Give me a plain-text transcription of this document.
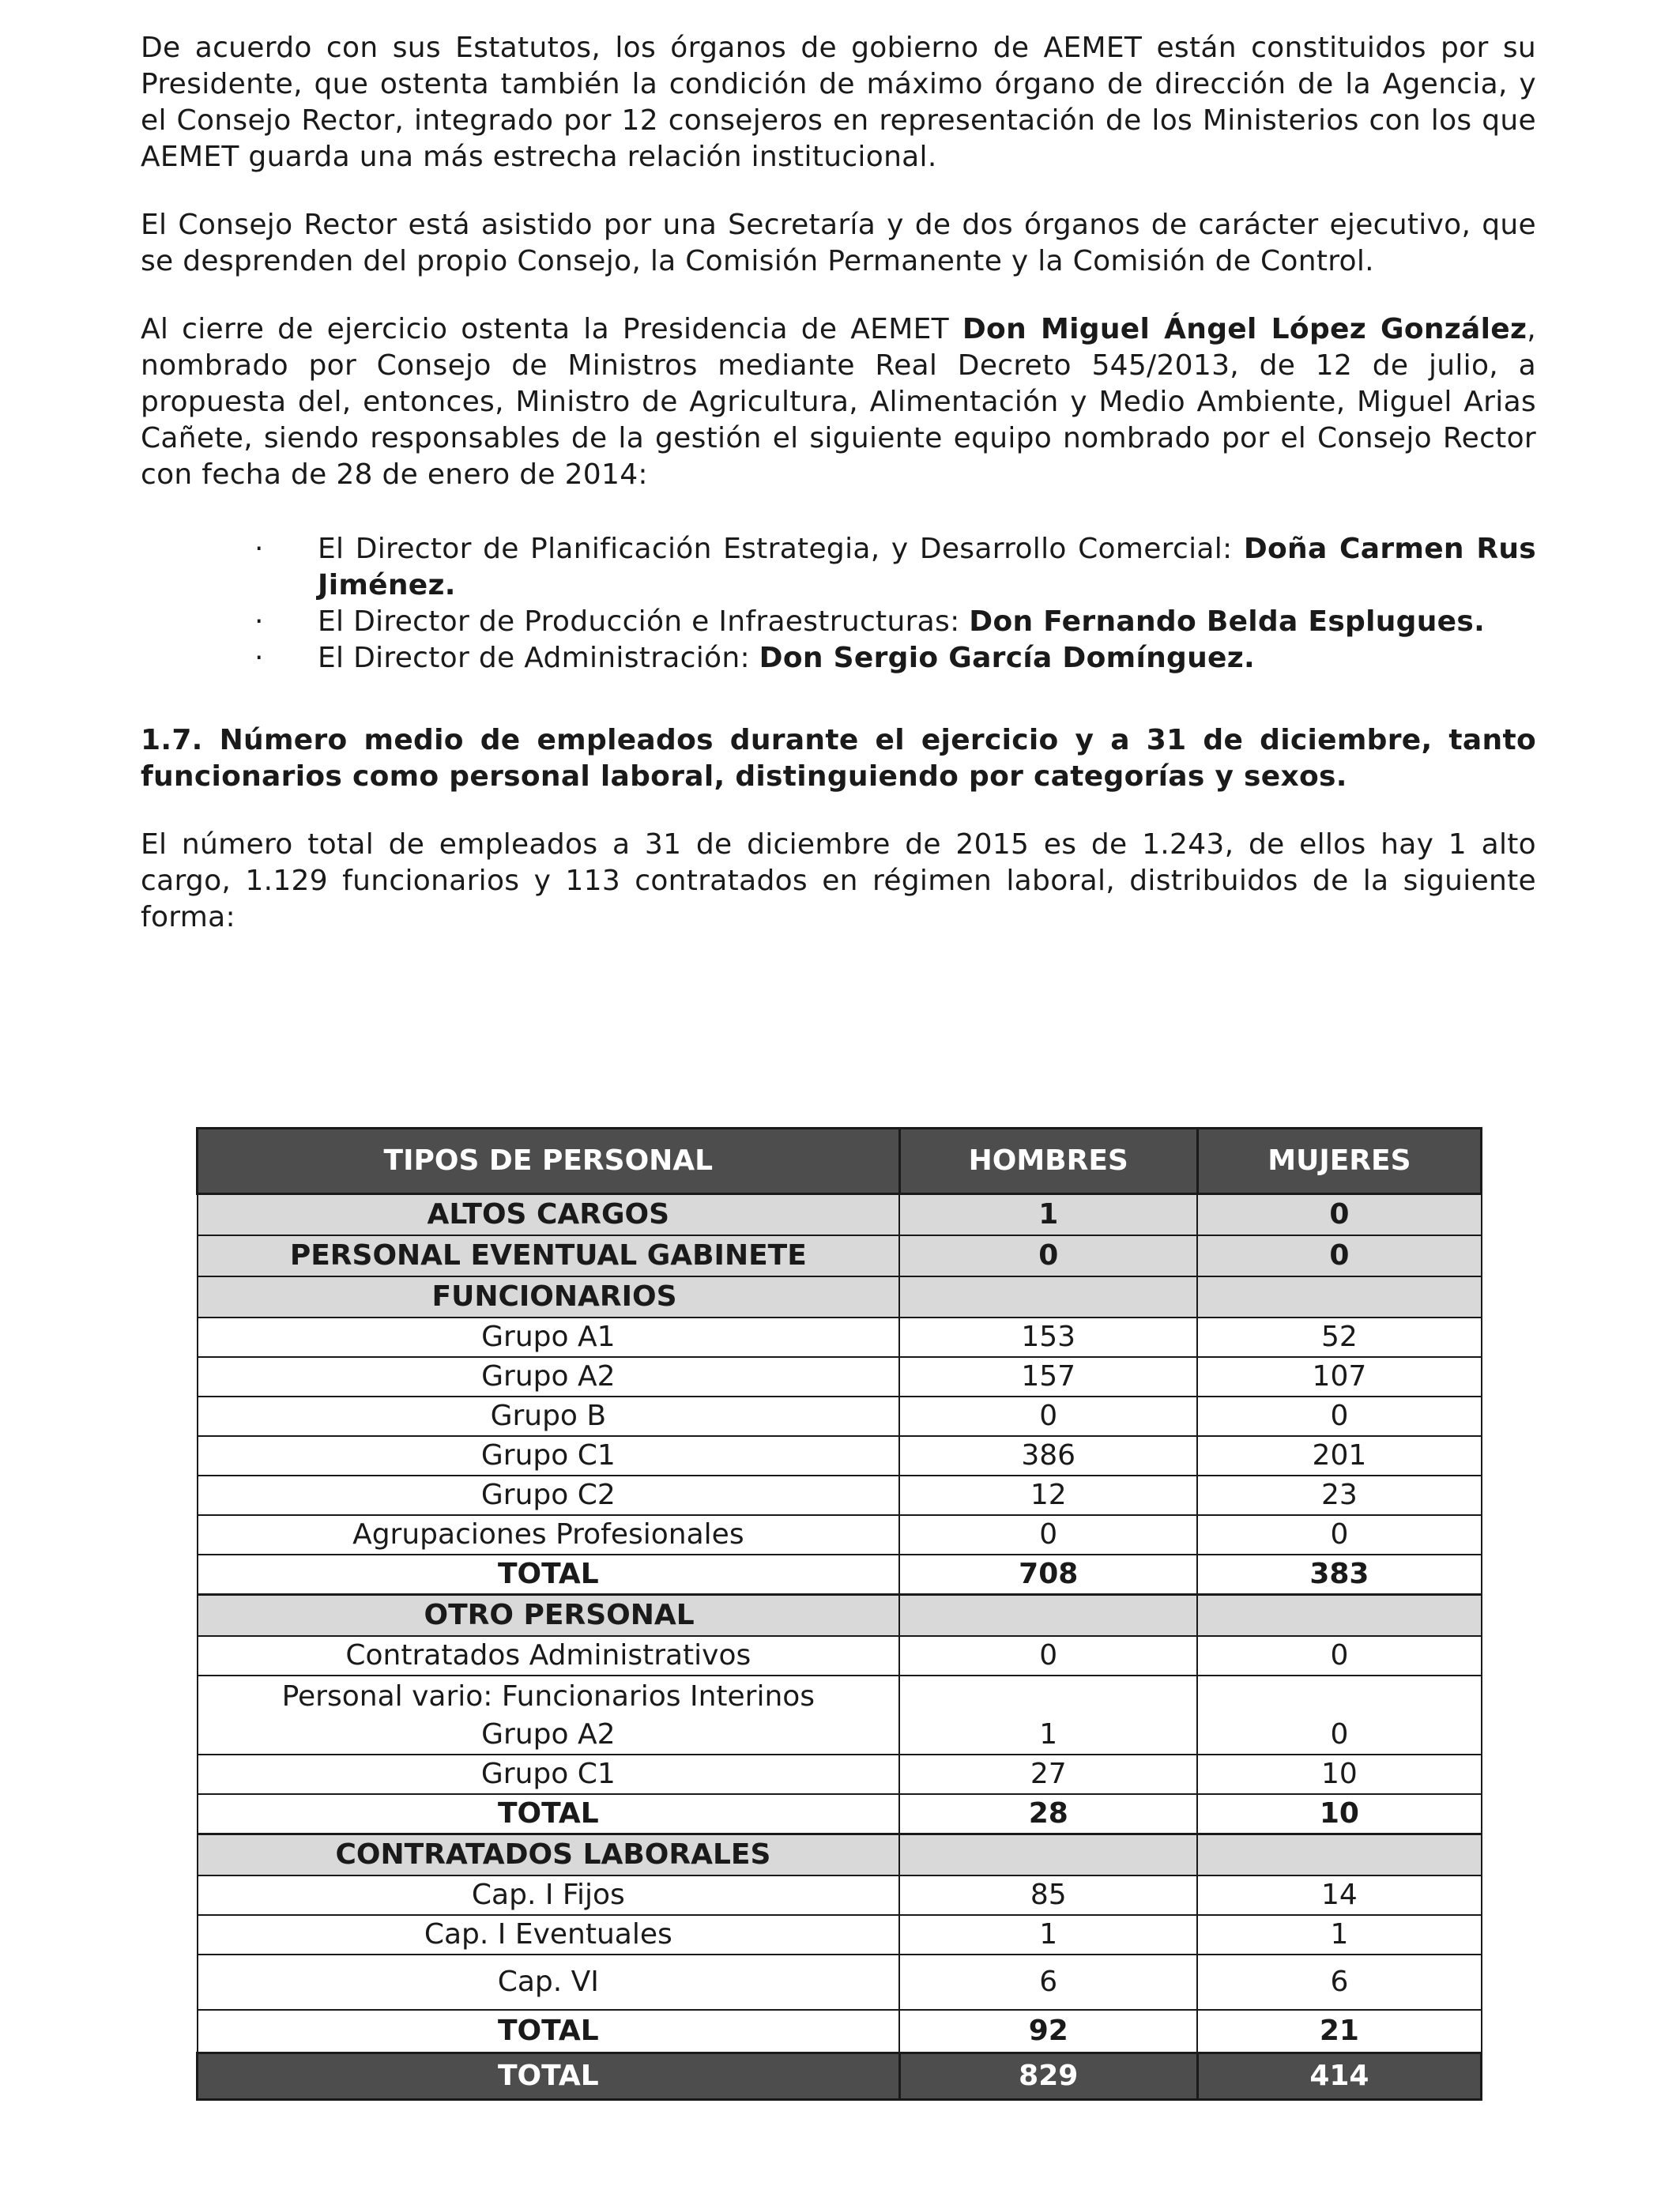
De acuerdo con sus Estatutos, los órganos de gobierno de AEMET están constituidos por su Presidente, que ostenta también la condición de máximo órgano de dirección de la Agencia, y el Consejo Rector, integrado por 12 consejeros en representación de los Ministerios con los que AEMET guarda una más estrecha relación institucional.

El Consejo Rector está asistido por una Secretaría y de dos órganos de carácter ejecutivo, que se desprenden del propio Consejo, la Comisión Permanente y la Comisión de Control.

Al cierre de ejercicio ostenta la Presidencia de AEMET Don Miguel Ángel López González, nombrado por Consejo de Ministros mediante Real Decreto 545/2013, de 12 de julio, a propuesta del, entonces, Ministro de Agricultura, Alimentación y Medio Ambiente, Miguel Arias Cañete, siendo responsables de la gestión el siguiente equipo nombrado por el Consejo Rector con fecha de 28 de enero de 2014:

· El Director de Planificación Estrategia, y Desarrollo Comercial: Doña Carmen Rus Jiménez.
· El Director de Producción e Infraestructuras: Don Fernando Belda Esplugues.
· El Director de Administración: Don Sergio García Domínguez.
1.7. Número medio de empleados durante el ejercicio y a 31 de diciembre, tanto funcionarios como personal laboral, distinguiendo por categorías y sexos.

El número total de empleados a 31 de diciembre de 2015 es de 1.243, de ellos hay 1 alto cargo, 1.129 funcionarios y 113 contratados en régimen laboral, distribuidos de la siguiente forma:

TIPOS DE PERSONAL	HOMBRES	MUJERES
ALTOS CARGOS	1	0
PERSONAL EVENTUAL GABINETE	0	0
FUNCIONARIOS		
Grupo A1	153	52
Grupo A2	157	107
Grupo B	0	0
Grupo C1	386	201
Grupo C2	12	23
Agrupaciones Profesionales	0	0
TOTAL	708	383
OTRO PERSONAL		
Contratados Administrativos	0	0

Personal vario: Funcionarios Interinos
Grupo A2	1	0
Grupo C1	27	10
TOTAL	28	10
CONTRATADOS LABORALES		
Cap. I Fijos	85	14
Cap. I Eventuales	1	1
Cap. VI	6	6
TOTAL	92	21
TOTAL	829	414
